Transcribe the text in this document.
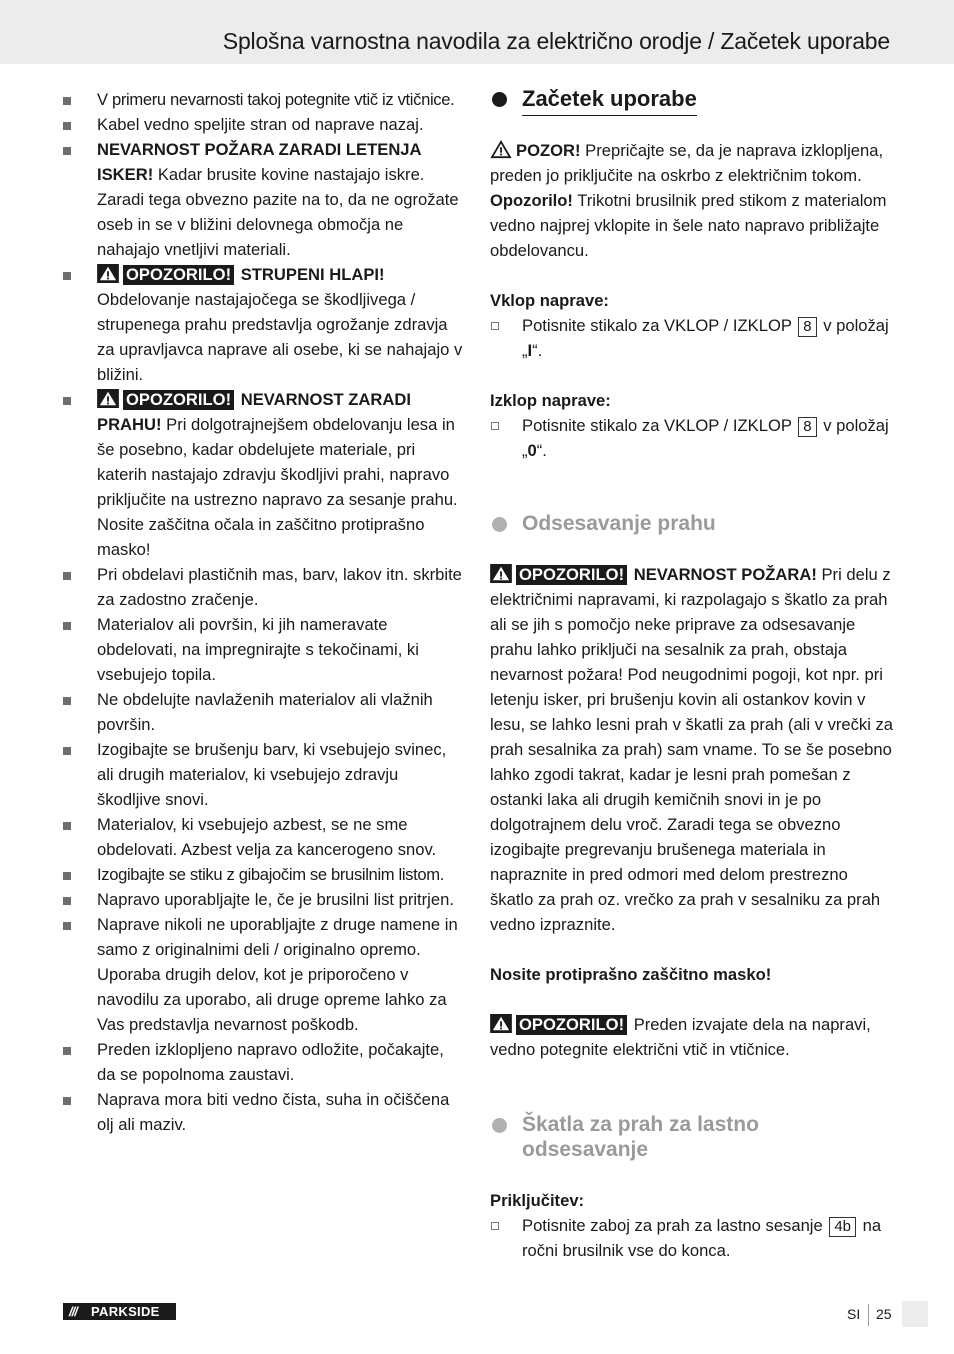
Splošna varnostna navodila za električno orodje / Začetek uporabe
V primeru nevarnosti takoj potegnite vtič iz vtičnice.
Kabel vedno speljite stran od naprave nazaj.
NEVARNOST POŽARA ZARADI LETENJA ISKER! Kadar brusite kovine nastajajo iskre. Zaradi tega obvezno pazite na to, da ne ogrožate oseb in se v bližini delovnega območja ne nahajajo vnetljivi materiali.
OPOZORILO! STRUPENI HLAPI! Obdelovanje nastajajočega se škodljivega / strupenega prahu predstavlja ogrožanje zdravja za upravljavca naprave ali osebe, ki se nahajajo v bližini.
OPOZORILO! NEVARNOST ZARADI PRAHU! Pri dolgotrajnejšem obdelovanju lesa in še posebno, kadar obdelujete materiale, pri katerih nastajajo zdravju škodljivi prahi, napravo priključite na ustrezno napravo za sesanje prahu. Nosite zaščitna očala in zaščitno protiprašno masko!
Pri obdelavi plastičnih mas, barv, lakov itn. skrbite za zadostno zračenje.
Materialov ali površin, ki jih nameravate obdelovati, na impregnirajte s tekočinami, ki vsebujejo topila.
Ne obdelujte navlaženih materialov ali vlažnih površin.
Izogibajte se brušenju barv, ki vsebujejo svinec, ali drugih materialov, ki vsebujejo zdravju škodljive snovi.
Materialov, ki vsebujejo azbest, se ne sme obdelovati. Azbest velja za kancerogeno snov.
Izogibajte se stiku z gibajočim se brusilnim listom.
Napravo uporabljajte le, če je brusilni list pritrjen.
Naprave nikoli ne uporabljajte z druge namene in samo z originalnimi deli / originalno opremo. Uporaba drugih delov, kot je priporočeno v navodilu za uporabo, ali druge opreme lahko za Vas predstavlja nevarnost poškodb.
Preden izklopljeno napravo odložite, počakajte, da se popolnoma zaustavi.
Naprava mora biti vedno čista, suha in očiščena olj ali maziv.
Začetek uporabe

POZOR! Prepričajte se, da je naprava izklopljena, preden jo priključite na oskrbo z električnim tokom. Opozorilo! Trikotni brusilnik pred stikom z materialom vedno najprej vklopite in šele nato napravo približajte obdelovancu.

Vklop naprave:

Potisnite stikalo za VKLOP / IZKLOP 8 v položaj „I“.

Izklop naprave:

Potisnite stikalo za VKLOP / IZKLOP 8 v položaj „0“.
Odsesavanje prahu

OPOZORILO! NEVARNOST POŽARA! Pri delu z električnimi napravami, ki razpolagajo s škatlo za prah ali se jih s pomočjo neke priprave za odsesavanje prahu lahko priključi na sesalnik za prah, obstaja nevarnost požara! Pod neugodnimi pogoji, kot npr. pri letenju isker, pri brušenju kovin ali ostankov kovin v lesu, se lahko lesni prah v škatli za prah (ali v vrečki za prah sesalnika za prah) sam vname. To se še posebno lahko zgodi takrat, kadar je lesni prah pomešan z ostanki laka ali drugih kemičnih snovi in je po dolgotrajnem delu vroč. Zaradi tega se obvezno izogibajte pregrevanju brušenega materiala in napraznite in pred odmori med delom prestrezno škatlo za prah oz. vrečko za prah v sesalniku za prah vedno izpraznite.

Nosite protiprašno zaščitno masko!

OPOZORILO! Preden izvajate dela na napravi, vedno potegnite električni vtič in vtičnice.

Škatla za prah za lastno odsesavanje

Priključitev:

Potisnite zaboj za prah za lastno sesanje 4b na ročni brusilnik vse do konca.
/// PARKSIDE	SI 25
